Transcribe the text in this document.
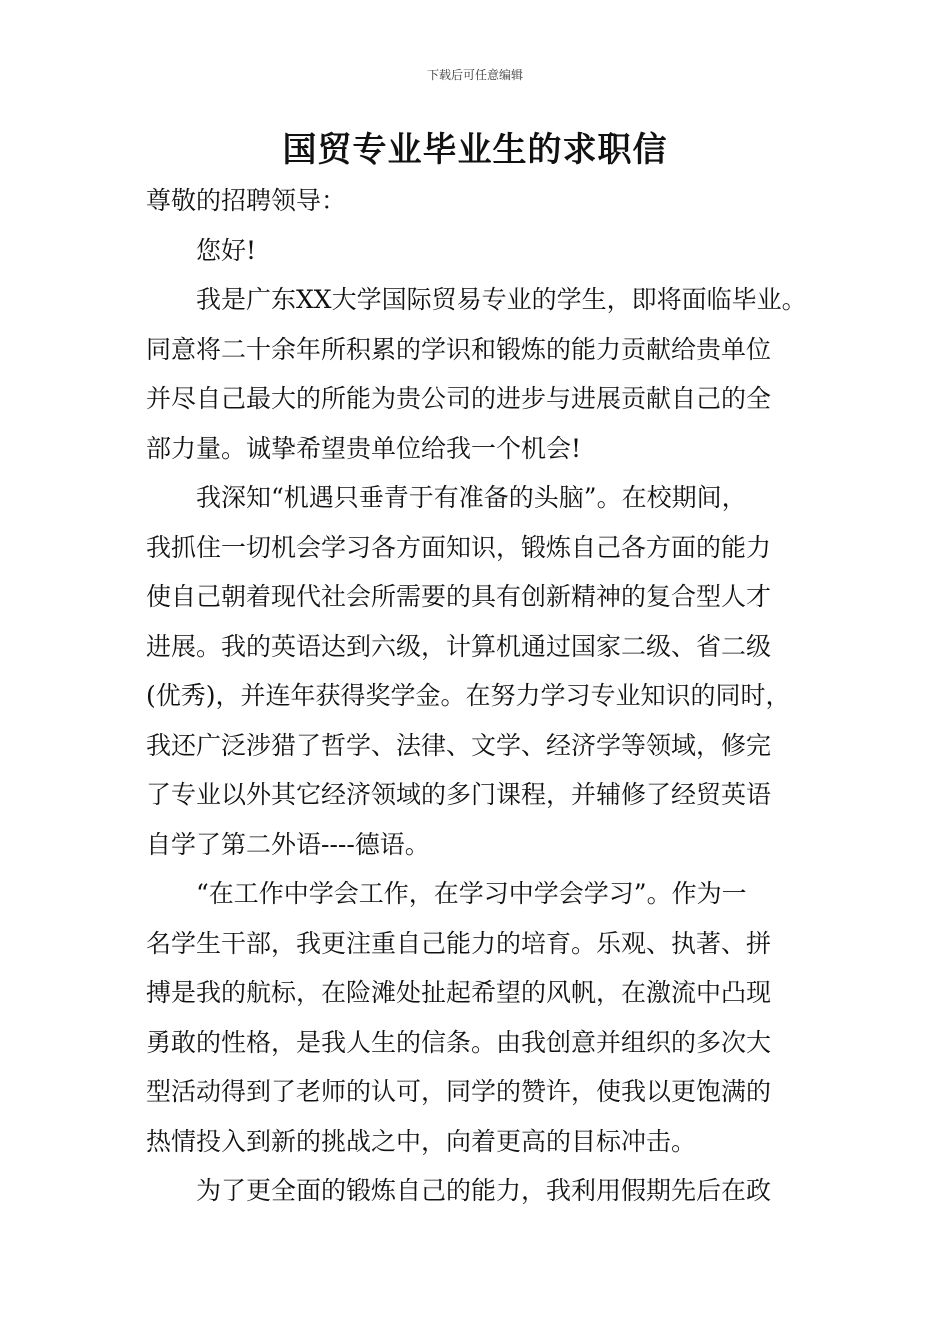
下载后可任意编辑
国贸专业毕业生的求职信
尊敬的招聘领导：
您好!
我是广东XX大学国际贸易专业的学生，即将面临毕业。
同意将二十余年所积累的学识和锻炼的能力贡献给贵单位
并尽自己最大的所能为贵公司的进步与进展贡献自己的全
部力量。诚挚希望贵单位给我一个机会!
我深知“机遇只垂青于有准备的头脑”。在校期间，
我抓住一切机会学习各方面知识，锻炼自己各方面的能力
使自己朝着现代社会所需要的具有创新精神的复合型人才
进展。我的英语达到六级，计算机通过国家二级、省二级
(优秀)，并连年获得奖学金。在努力学习专业知识的同时，
我还广泛涉猎了哲学、法律、文学、经济学等领域，修完
了专业以外其它经济领域的多门课程，并辅修了经贸英语
自学了第二外语----德语。
“在工作中学会工作，在学习中学会学习”。作为一
名学生干部，我更注重自己能力的培育。乐观、执著、拼
搏是我的航标，在险滩处扯起希望的风帆，在激流中凸现
勇敢的性格，是我人生的信条。由我创意并组织的多次大
型活动得到了老师的认可，同学的赞许，使我以更饱满的
热情投入到新的挑战之中，向着更高的目标冲击。
为了更全面的锻炼自己的能力，我利用假期先后在政
